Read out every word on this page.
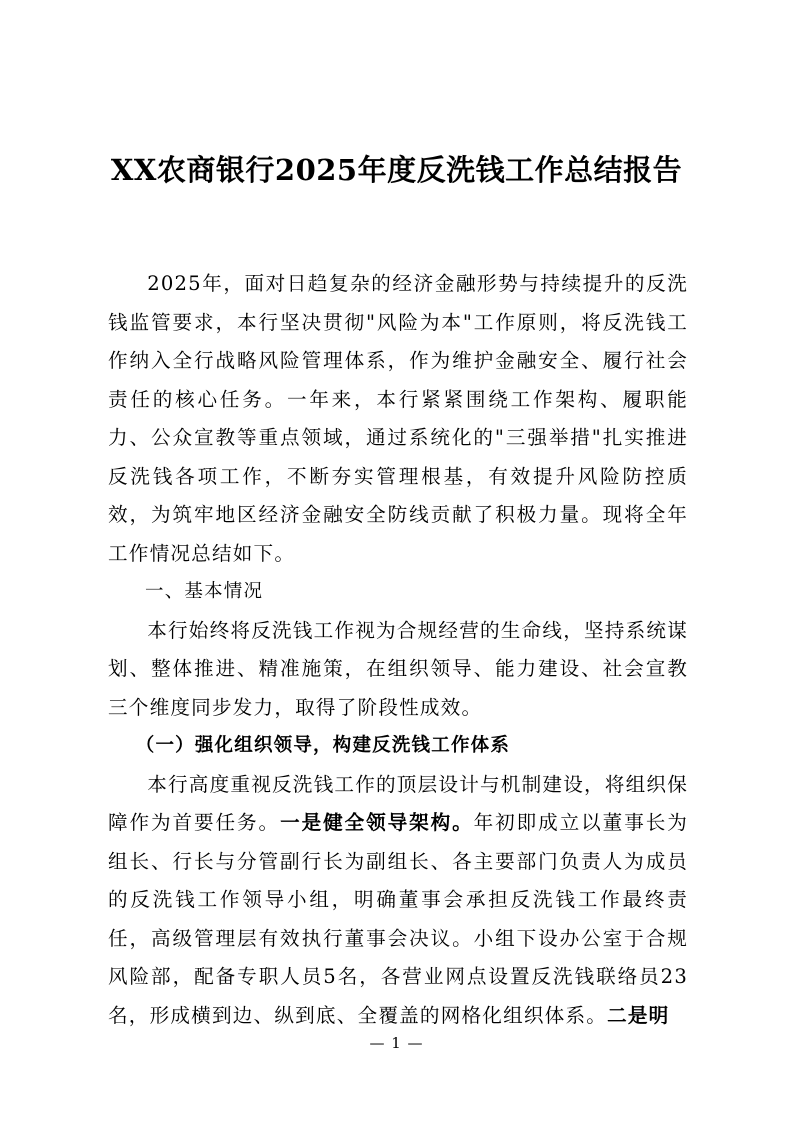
XX农商银行2025年度反洗钱工作总结报告

2025年，面对日趋复杂的经济金融形势与持续提升的反洗钱监管要求，本行坚决贯彻"风险为本"工作原则，将反洗钱工作纳入全行战略风险管理体系，作为维护金融安全、履行社会责任的核心任务。一年来，本行紧紧围绕工作架构、履职能力、公众宣教等重点领域，通过系统化的"三强举措"扎实推进反洗钱各项工作，不断夯实管理根基，有效提升风险防控质效，为筑牢地区经济金融安全防线贡献了积极力量。现将全年工作情况总结如下。

一、基本情况

本行始终将反洗钱工作视为合规经营的生命线，坚持系统谋划、整体推进、精准施策，在组织领导、能力建设、社会宣教三个维度同步发力，取得了阶段性成效。

（一）强化组织领导，构建反洗钱工作体系

本行高度重视反洗钱工作的顶层设计与机制建设，将组织保障作为首要任务。一是健全领导架构。年初即成立以董事长为组长、行长与分管副行长为副组长、各主要部门负责人为成员的反洗钱工作领导小组，明确董事会承担反洗钱工作最终责任，高级管理层有效执行董事会决议。小组下设办公室于合规风险部，配备专职人员5名，各营业网点设置反洗钱联络员23名，形成横到边、纵到底、全覆盖的网格化组织体系。二是明

— 1 —
